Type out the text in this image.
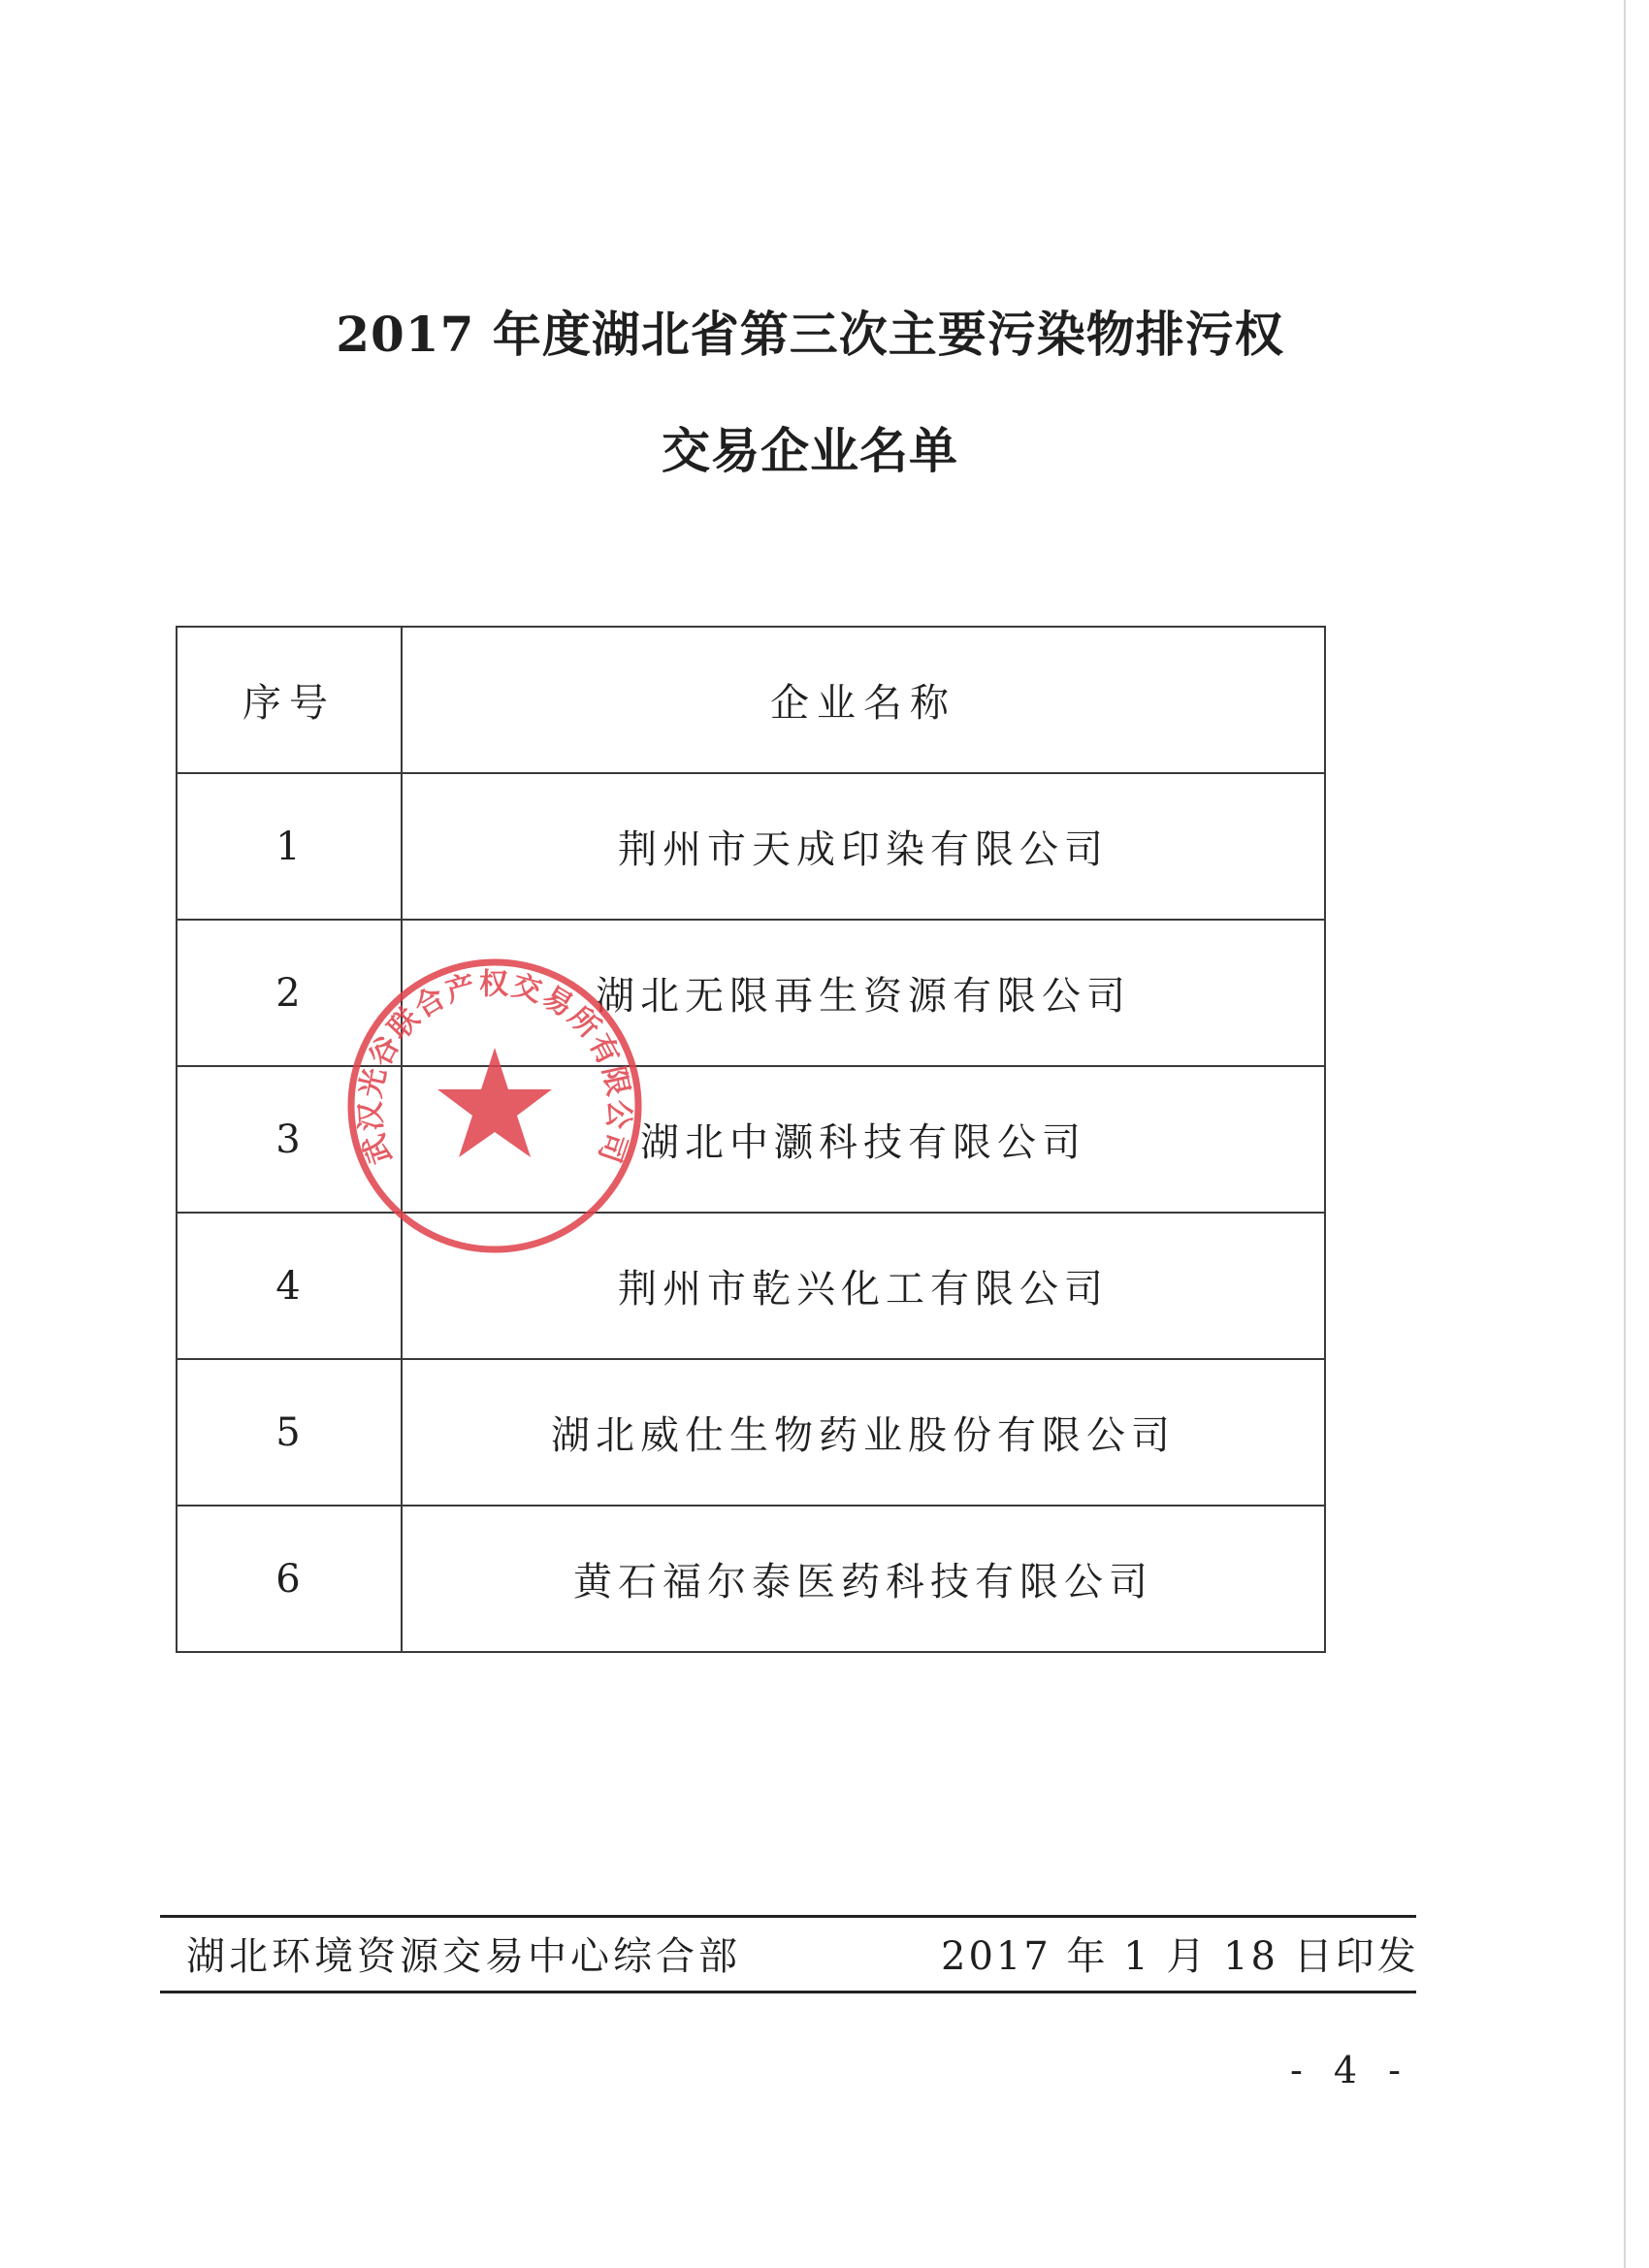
2017 年度湖北省第三次主要污染物排污权
交易企业名单
序号	企业名称
1	荆州市天成印染有限公司
2	湖北无限再生资源有限公司
3	湖北中灏科技有限公司
4	荆州市乾兴化工有限公司
5	湖北威仕生物药业股份有限公司
6	黄石福尔泰医药科技有限公司
武汉光谷联合产权交易所有限公司
湖北环境资源交易中心综合部	2017 年 1 月 18 日印发
- 4 -
